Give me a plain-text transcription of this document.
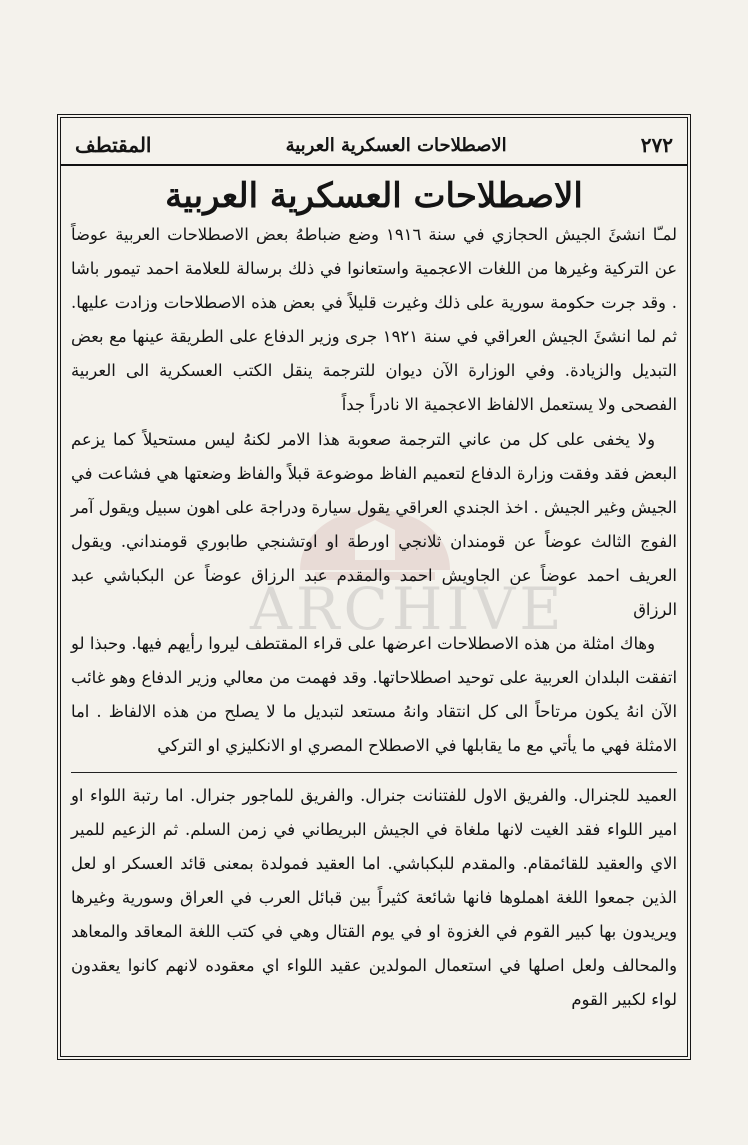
ARCHIVE
٢٧٢
الاصطلاحات العسكرية العربية
المقتطف
الاصطلاحات العسكرية العربية

لمـّا انشئَ الجيش الحجازي في سنة ١٩١٦ وضع ضباطهُ بعض الاصطلاحات العربية عوضاً عن التركية وغيرها من اللغات الاعجمية واستعانوا في ذلك برسالة للعلامة احمد تيمور باشا . وقد جرت حكومة سورية على ذلك وغيرت قليلاً في بعض هذه الاصطلاحات وزادت عليها. ثم لما انشئَ الجيش العراقي في سنة ١٩٢١ جرى وزير الدفاع على الطريقة عينها مع بعض التبديل والزيادة. وفي الوزارة الآن ديوان للترجمة ينقل الكتب العسكرية الى العربية الفصحى ولا يستعمل الالفاظ الاعجمية الا نادراً جداً

ولا يخفى على كل من عاني الترجمة صعوبة هذا الامر لكنهُ ليس مستحيلاً كما يزعم البعض فقد وفقت وزارة الدفاع لتعميم الفاظ موضوعة قبلاً والفاظ وضعتها هي فشاعت في الجيش وغير الجيش . اخذ الجندي العراقي يقول سيارة ودراجة على اهون سبيل ويقول آمر الفوج الثالث عوضاً عن قومندان ثلانجي اورطة او اوتشنجي طابوري قومنداني. ويقول العريف احمد عوضاً عن الجاويش احمد والمقدم عبد الرزاق عوضاً عن البكباشي عبد الرزاق

وهاك امثلة من هذه الاصطلاحات اعرضها على قراء المقتطف ليروا رأيهم فيها. وحبذا لو اتفقت البلدان العربية على توحيد اصطلاحاتها. وقد فهمت من معالي وزير الدفاع وهو غائب الآن انهُ يكون مرتاحاً الى كل انتقاد وانهُ مستعد لتبديل ما لا يصلح من هذه الالفاظ . اما الامثلة فهي ما يأتي مع ما يقابلها في الاصطلاح المصري او الانكليزي او التركي

العميد للجنرال. والفريق الاول للفتنانت جنرال. والفريق للماجور جنرال. اما رتبة اللواء او امير اللواء فقد الغيت لانها ملغاة في الجيش البريطاني في زمن السلم. ثم الزعيم للمير الاي والعقيد للقائمقام. والمقدم للبكباشي. اما العقيد فمولدة بمعنى قائد العسكر او لعل الذين جمعوا اللغة اهملوها فانها شائعة كثيراً بين قبائل العرب في العراق وسورية وغيرها ويريدون بها كبير القوم في الغزوة او في يوم القتال وهي في كتب اللغة المعاقد والمعاهد والمحالف ولعل اصلها في استعمال المولدين عقيد اللواء اي معقوده لانهم كانوا يعقدون لواء لكبير القوم
